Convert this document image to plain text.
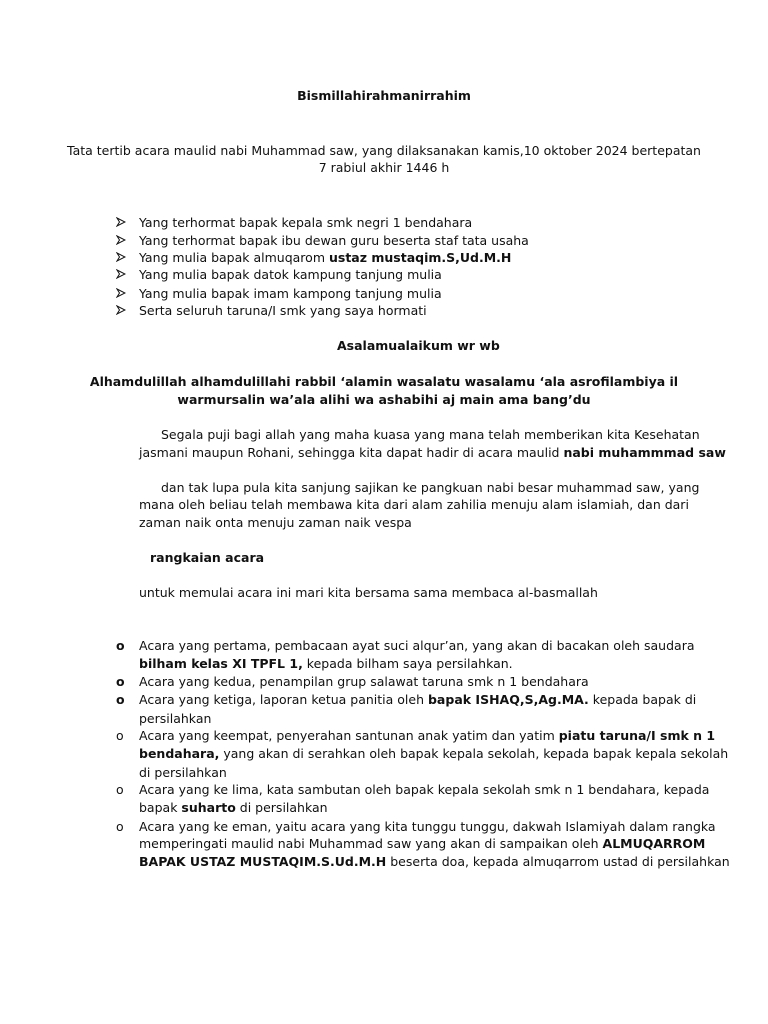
Bismillahirahmanirrahim
Tata tertib acara maulid nabi Muhammad saw, yang dilaksanakan kamis,10 oktober 2024 bertepatan
7 rabiul akhir 1446 h
Yang terhormat bapak kepala smk negri 1 bendahara
Yang terhormat bapak ibu dewan guru beserta staf tata usaha
Yang mulia bapak almuqarom ustaz mustaqim.S,Ud.M.H
Yang mulia bapak datok kampung tanjung mulia
Yang mulia bapak imam kampong tanjung mulia
Serta seluruh taruna/I smk yang saya hormati
Asalamualaikum wr wb
Alhamdulillah alhamdulillahi rabbil ‘alamin wasalatu wasalamu ‘ala asrofilambiya il
warmursalin wa’ala alihi wa ashabihi aj main ama bang’du
Segala puji bagi allah yang maha kuasa yang mana telah memberikan kita Kesehatan
jasmani maupun Rohani, sehingga kita dapat hadir di acara maulid nabi muhammmad saw
dan tak lupa pula kita sanjung sajikan ke pangkuan nabi besar muhammad saw, yang
mana oleh beliau telah membawa kita dari alam zahilia menuju alam islamiah, dan dari
zaman naik onta menuju zaman naik vespa
rangkaian acara
untuk memulai acara ini mari kita bersama sama membaca al-basmallah
o Acara yang pertama, pembacaan ayat suci alqur’an, yang akan di bacakan oleh saudara
bilham kelas XI TPFL 1, kepada bilham saya persilahkan.
o Acara yang kedua, penampilan grup salawat taruna smk n 1 bendahara
o Acara yang ketiga, laporan ketua panitia oleh bapak ISHAQ,S,Ag.MA. kepada bapak di
persilahkan
o Acara yang keempat, penyerahan santunan anak yatim dan yatim piatu taruna/I smk n 1
bendahara, yang akan di serahkan oleh bapak kepala sekolah, kepada bapak kepala sekolah
di persilahkan
o Acara yang ke lima, kata sambutan oleh bapak kepala sekolah smk n 1 bendahara, kepada
bapak suharto di persilahkan
o Acara yang ke eman, yaitu acara yang kita tunggu tunggu, dakwah Islamiyah dalam rangka
memperingati maulid nabi Muhammad saw yang akan di sampaikan oleh ALMUQARROM
BAPAK USTAZ MUSTAQIM.S.Ud.M.H beserta doa, kepada almuqarrom ustad di persilahkan
